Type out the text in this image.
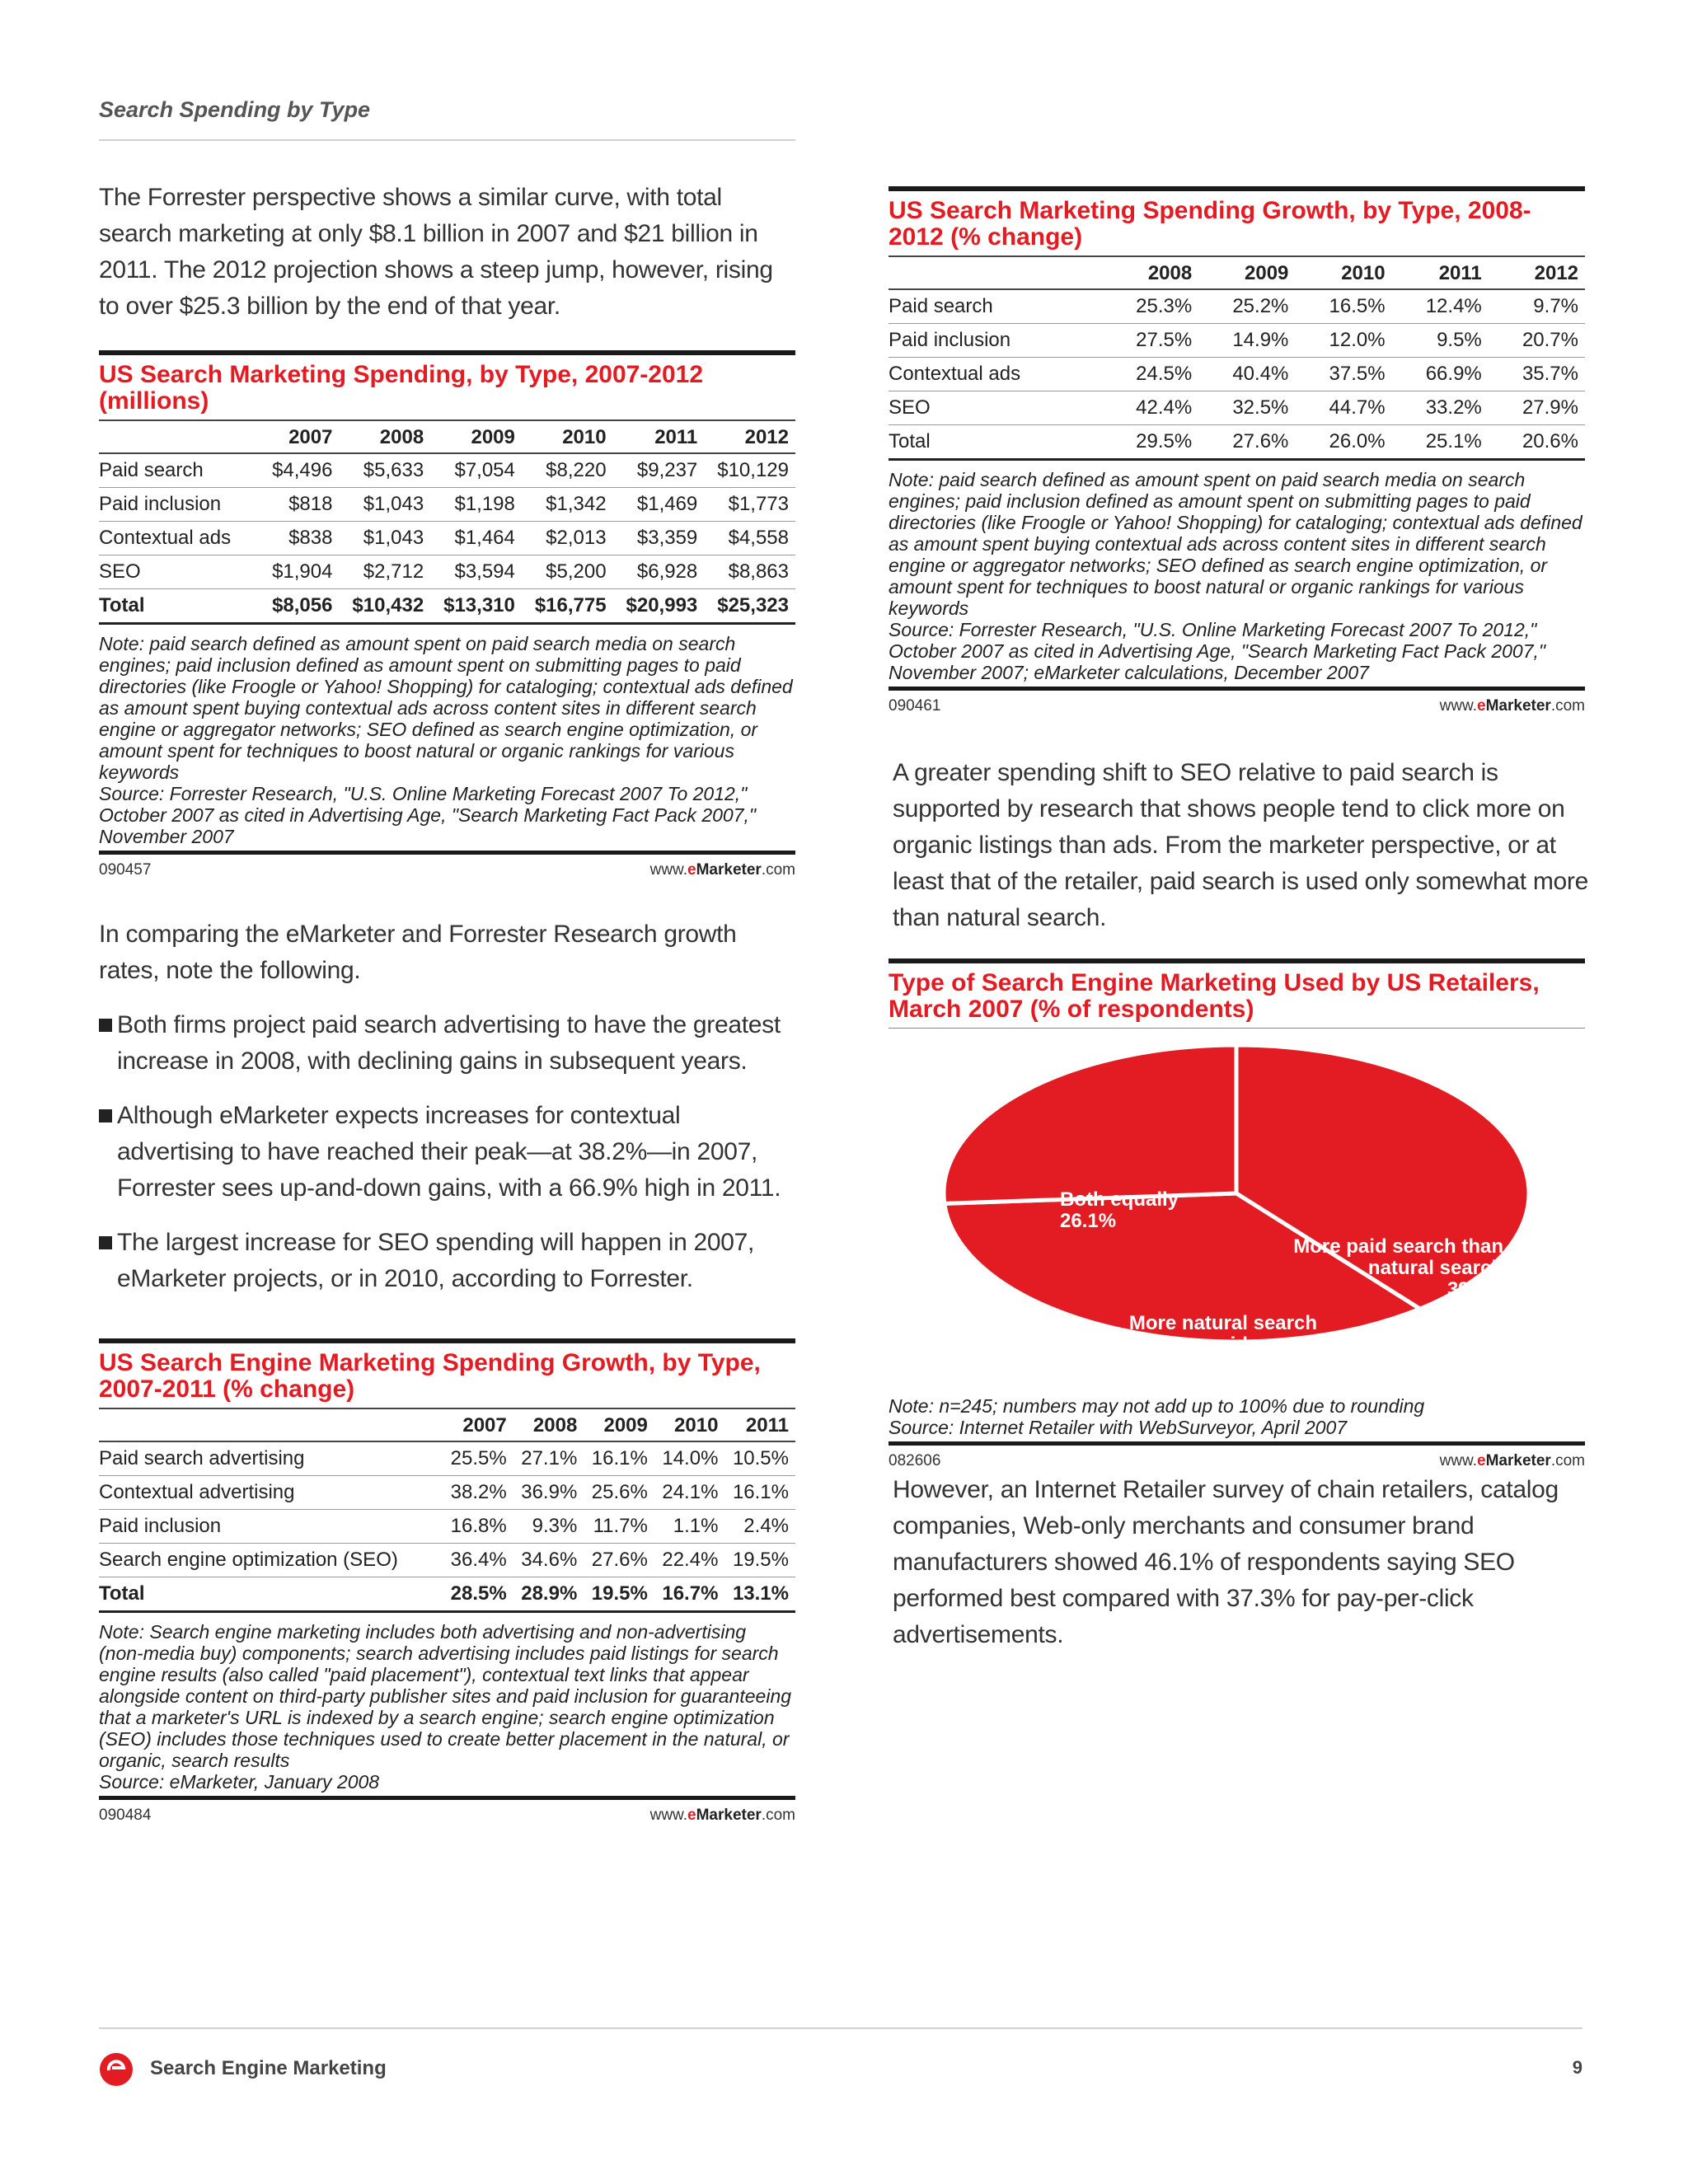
Search Spending by Type

The Forrester perspective shows a similar curve, with total search marketing at only $8.1 billion in 2007 and $21 billion in 2011. The 2012 projection shows a steep jump, however, rising to over $25.3 billion by the end of that year.

US Search Marketing Spending, by Type, 2007-2012 (millions)
	2007	2008	2009	2010	2011	2012
Paid search	$4,496	$5,633	$7,054	$8,220	$9,237	$10,129
Paid inclusion	$818	$1,043	$1,198	$1,342	$1,469	$1,773
Contextual ads	$838	$1,043	$1,464	$2,013	$3,359	$4,558
SEO	$1,904	$2,712	$3,594	$5,200	$6,928	$8,863
Total	$8,056	$10,432	$13,310	$16,775	$20,993	$25,323

Note: paid search defined as amount spent on paid search media on search engines; paid inclusion defined as amount spent on submitting pages to paid directories (like Froogle or Yahoo! Shopping) for cataloging; contextual ads defined as amount spent buying contextual ads across content sites in different search engine or aggregator networks; SEO defined as search engine optimization, or amount spent for techniques to boost natural or organic rankings for various keywords

Source: Forrester Research, "U.S. Online Marketing Forecast 2007 To 2012," October 2007 as cited in Advertising Age, "Search Marketing Fact Pack 2007," November 2007

090457	www.eMarketer.com

In comparing the eMarketer and Forrester Research growth rates, note the following.

Both firms project paid search advertising to have the greatest increase in 2008, with declining gains in subsequent years.
Although eMarketer expects increases for contextual advertising to have reached their peak—at 38.2%—in 2007, Forrester sees up-and-down gains, with a 66.9% high in 2011.
The largest increase for SEO spending will happen in 2007, eMarketer projects, or in 2010, according to Forrester.
US Search Engine Marketing Spending Growth, by Type, 2007-2011 (% change)
	2007	2008	2009	2010	2011
Paid search advertising	25.5%	27.1%	16.1%	14.0%	10.5%
Contextual advertising	38.2%	36.9%	25.6%	24.1%	16.1%
Paid inclusion	16.8%	9.3%	11.7%	1.1%	2.4%
Search engine optimization (SEO)	36.4%	34.6%	27.6%	22.4%	19.5%
Total	28.5%	28.9%	19.5%	16.7%	13.1%

Note: Search engine marketing includes both advertising and non-advertising (non-media buy) components; search advertising includes paid listings for search engine results (also called "paid placement"), contextual text links that appear alongside content on third-party publisher sites and paid inclusion for guaranteeing that a marketer's URL is indexed by a search engine; search engine optimization (SEO) includes those techniques used to create better placement in the natural, or organic, search results

Source: eMarketer, January 2008

090484	www.eMarketer.com
US Search Marketing Spending Growth, by Type, 2008-2012 (% change)
	2008	2009	2010	2011	2012
Paid search	25.3%	25.2%	16.5%	12.4%	9.7%
Paid inclusion	27.5%	14.9%	12.0%	9.5%	20.7%
Contextual ads	24.5%	40.4%	37.5%	66.9%	35.7%
SEO	42.4%	32.5%	44.7%	33.2%	27.9%
Total	29.5%	27.6%	26.0%	25.1%	20.6%

Note: paid search defined as amount spent on paid search media on search engines; paid inclusion defined as amount spent on submitting pages to paid directories (like Froogle or Yahoo! Shopping) for cataloging; contextual ads defined as amount spent buying contextual ads across content sites in different search engine or aggregator networks; SEO defined as search engine optimization, or amount spent for techniques to boost natural or organic rankings for various keywords

Source: Forrester Research, "U.S. Online Marketing Forecast 2007 To 2012," October 2007 as cited in Advertising Age, "Search Marketing Fact Pack 2007," November 2007; eMarketer calculations, December 2007

090461	www.eMarketer.com

A greater spending shift to SEO relative to paid search is supported by research that shows people tend to click more on organic listings than ads. From the marketer perspective, or at least that of the retailer, paid search is used only somewhat more than natural search.

Type of Search Engine Marketing Used by US Retailers, March 2007 (% of respondents)
Both equally
26.1%
More paid search than
natural search
39.2%
More natural search
than paid search
34.7%

Note: n=245; numbers may not add up to 100% due to rounding

Source: Internet Retailer with WebSurveyor, April 2007

082606	www.eMarketer.com

However, an Internet Retailer survey of chain retailers, catalog companies, Web-only merchants and consumer brand manufacturers showed 46.1% of respondents saying SEO performed best compared with 37.3% for pay-per-click advertisements.

Search Engine Marketing	9
